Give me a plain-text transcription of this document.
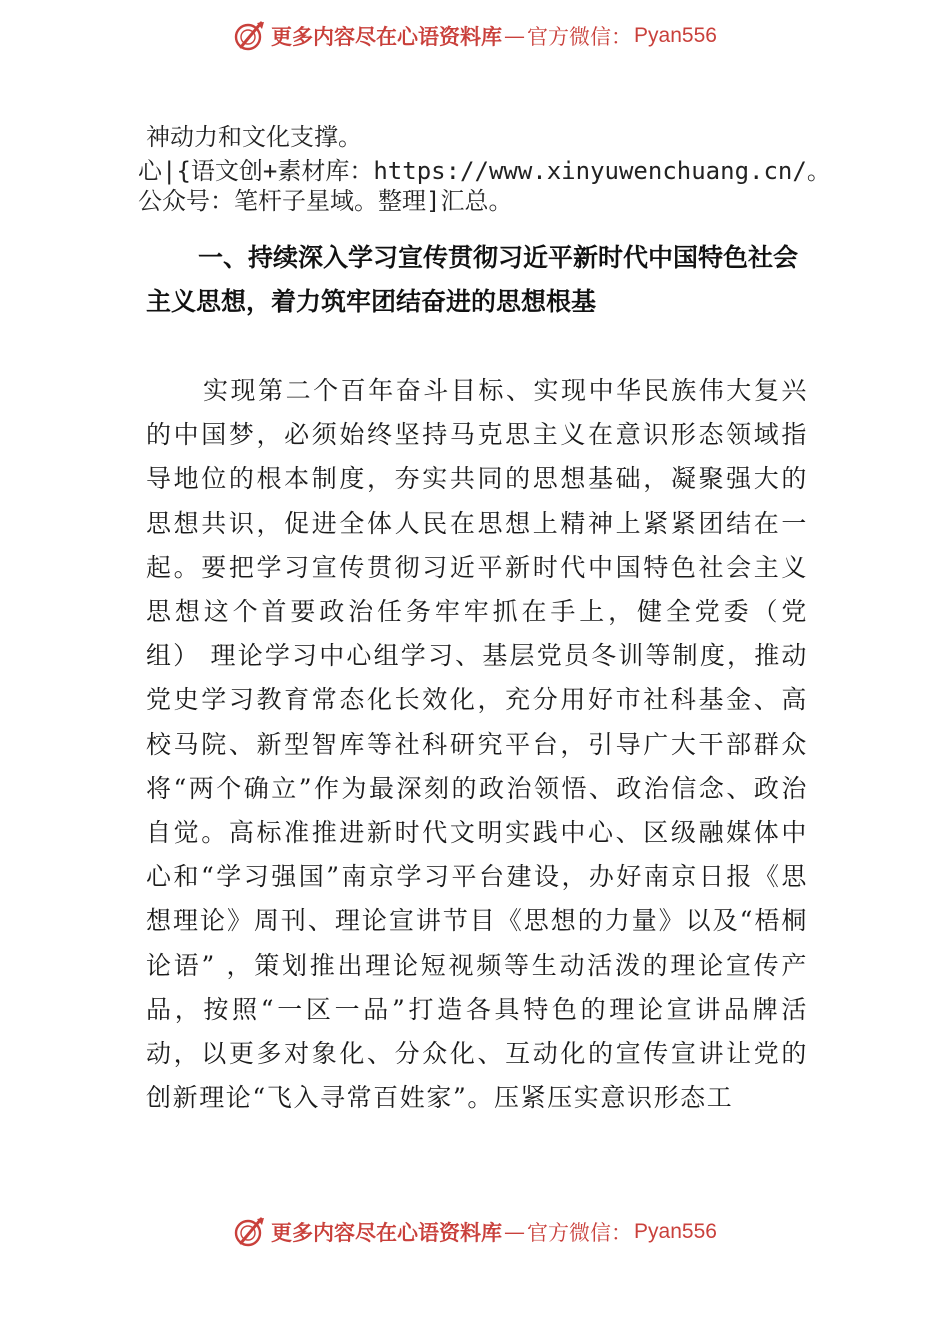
更多内容尽在心语资料库 — 官方微信： Pyan556
神动力和文化支撑。
心|{语文创+素材库：https://www.xinyuwenchuang.cn/。
公众号：笔杆子星域。整理]汇总。
一、持续深入学习宣传贯彻习近平新时代中国特色社会主义思想，着力筑牢团结奋进的思想根基
实现第二个百年奋斗目标、实现中华民族伟大复兴的中国梦，必须始终坚持马克思主义在意识形态领域指导地位的根本制度，夯实共同的思想基础，凝聚强大的思想共识，促进全体人民在思想上精神上紧紧团结在一起。要把学习宣传贯彻习近平新时代中国特色社会主义思想这个首要政治任务牢牢抓在手上，健全党委（党组） 理论学习中心组学习、基层党员冬训等制度，推动党史学习教育常态化长效化，充分用好市社科基金、高校马院、新型智库等社科研究平台，引导广大干部群众将“两个确立”作为最深刻的政治领悟、政治信念、政治自觉。高标准推进新时代文明实践中心、区级融媒体中心和“学习强国”南京学习平台建设，办好南京日报《思想理论》周刊、理论宣讲节目《思想的力量》以及“梧桐论语” ，策划推出理论短视频等生动活泼的理论宣传产品，按照“一区一品”打造各具特色的理论宣讲品牌活动，以更多对象化、分众化、互动化的宣传宣讲让党的创新理论“飞入寻常百姓家”。压紧压实意识形态工
更多内容尽在心语资料库 — 官方微信： Pyan556
